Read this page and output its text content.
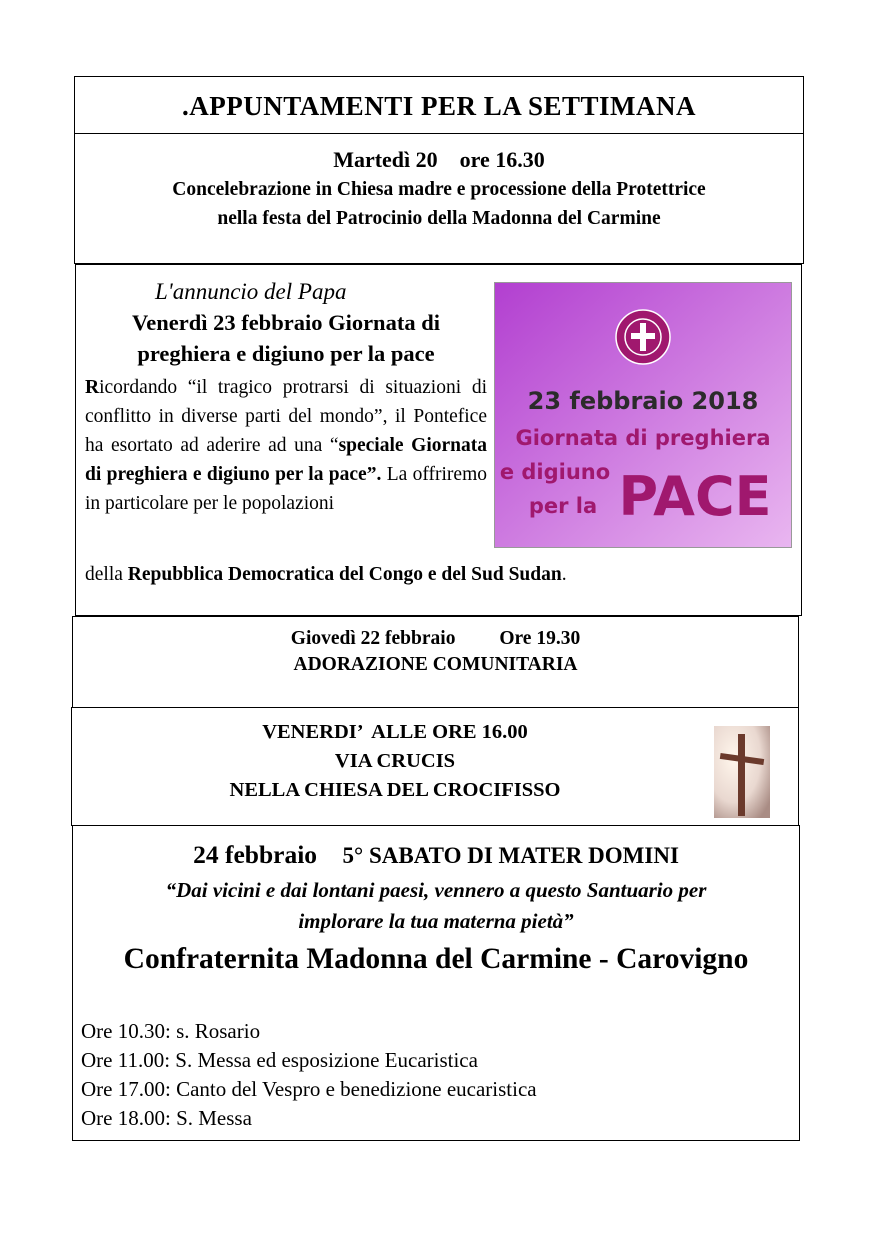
.APPUNTAMENTI PER LA SETTIMANA
Martedì 20 ore 16.30
Concelebrazione in Chiesa madre e processione della Protettrice
nella festa del Patrocinio della Madonna del Carmine
L'annuncio del Papa
Venerdì 23 febbraio Giornata di
preghiera e digiuno per la pace
Ricordando “il tragico protrarsi di situazioni di conflitto in diverse parti del mondo”, il Pontefice ha esortato ad aderire ad una “speciale Giornata di preghiera e digiuno per la pace”. La offriremo in particolare per le popolazioni
della Repubblica Democratica del Congo e del Sud Sudan.
23 febbraio 2018
Giornata di preghiera
e digiuno
per la PACE
Giovedì 22 febbraio Ore 19.30
ADORAZIONE COMUNITARIA
VENERDI’  ALLE ORE 16.00
VIA CRUCIS
NELLA CHIESA DEL CROCIFISSO
24 febbraio 5° SABATO DI MATER DOMINI
“Dai vicini e dai lontani paesi, vennero a questo Santuario per
implorare la tua materna pietà”
Confraternita Madonna del Carmine - Carovigno
Ore 10.30: s. Rosario
Ore 11.00: S. Messa ed esposizione Eucaristica
Ore 17.00: Canto del Vespro e benedizione eucaristica
Ore 18.00: S. Messa
